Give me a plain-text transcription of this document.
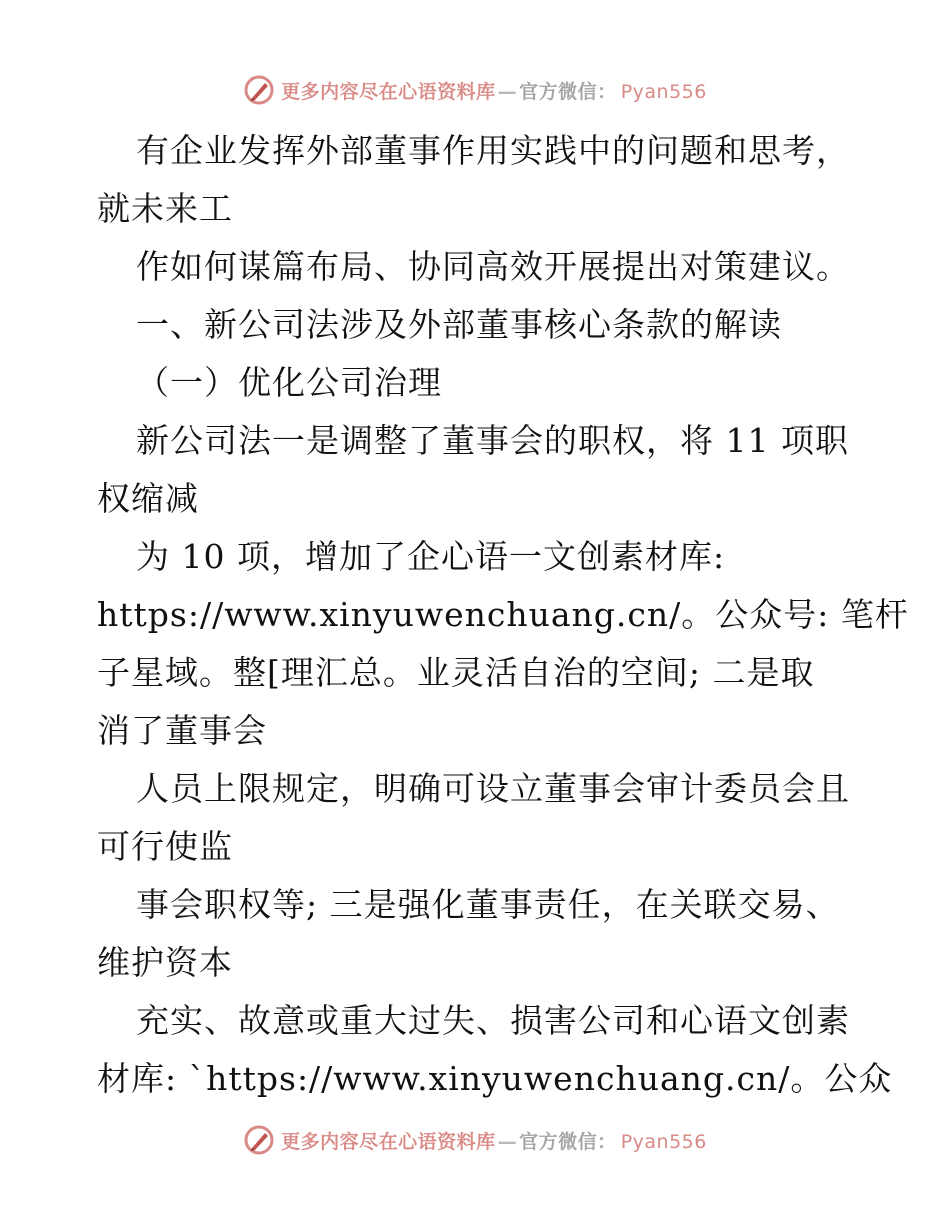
更多内容尽在心语资料库 — 官方微信： Pyan556
有企业发挥外部董事作用实践中的问题和思考，
就未来工
作如何谋篇布局、协同高效开展提出对策建议。
一、新公司法涉及外部董事核心条款的解读
（一）优化公司治理
新公司法一是调整了董事会的职权，将 11 项职
权缩减
为 10 项，增加了企心语一文创素材库:
https://www.xinyuwenchuang.cn/。公众号: 笔杆
子星域。整[理汇总。业灵活自治的空间; 二是取
消了董事会
人员上限规定，明确可设立董事会审计委员会且
可行使监
事会职权等; 三是强化董事责任，在关联交易、
维护资本
充实、故意或重大过失、损害公司和心语文创素
材库: `https://www.xinyuwenchuang.cn/。公众
更多内容尽在心语资料库 — 官方微信： Pyan556
